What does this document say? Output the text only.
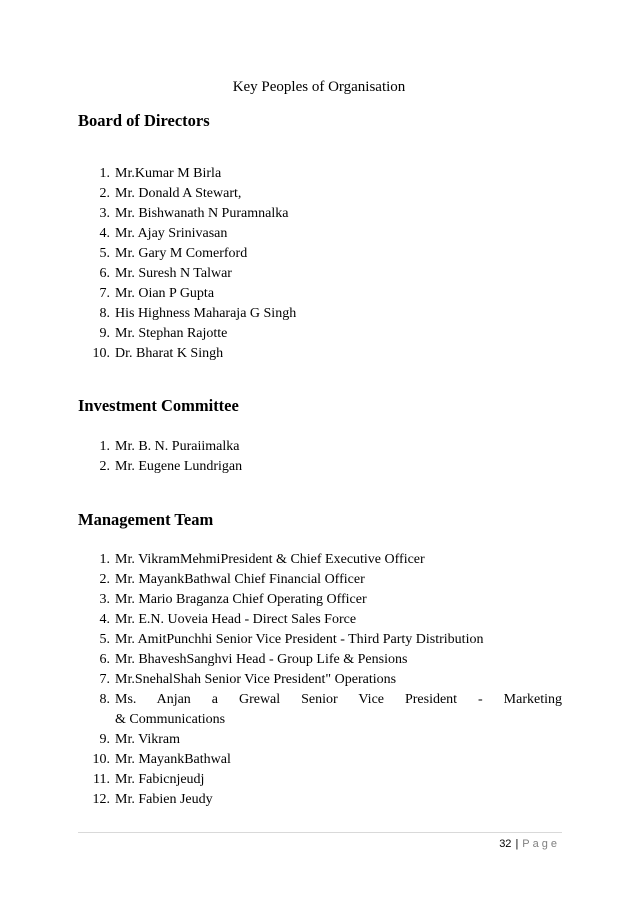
Key Peoples of Organisation
Board of Directors
1. Mr.Kumar M Birla
2. Mr. Donald A Stewart,
3. Mr. Bishwanath N Puramnalka
4. Mr. Ajay Srinivasan
5. Mr. Gary M Comerford
6. Mr. Suresh N Talwar
7. Mr. Oian P Gupta
8. His Highness Maharaja G Singh
9. Mr. Stephan Rajotte
10. Dr. Bharat K Singh
Investment Committee
1. Mr. B. N. Puraiimalka
2. Mr. Eugene Lundrigan
Management Team
1. Mr. VikramMehmiPresident & Chief Executive Officer
2. Mr. MayankBathwal Chief Financial Officer
3. Mr. Mario Braganza Chief Operating Officer
4. Mr. E.N. Uoveia Head - Direct Sales Force
5. Mr. AmitPunchhi Senior Vice President - Third Party Distribution
6. Mr. BhaveshSanghvi Head - Group Life & Pensions
7. Mr.SnehalShah Senior Vice President" Operations
8. Ms. Anjan a Grewal Senior Vice President - Marketing
& Communications
9. Mr. Vikram
10. Mr. MayankBathwal
11. Mr. Fabicnjeudj
12. Mr. Fabien Jeudy
32 | Page
